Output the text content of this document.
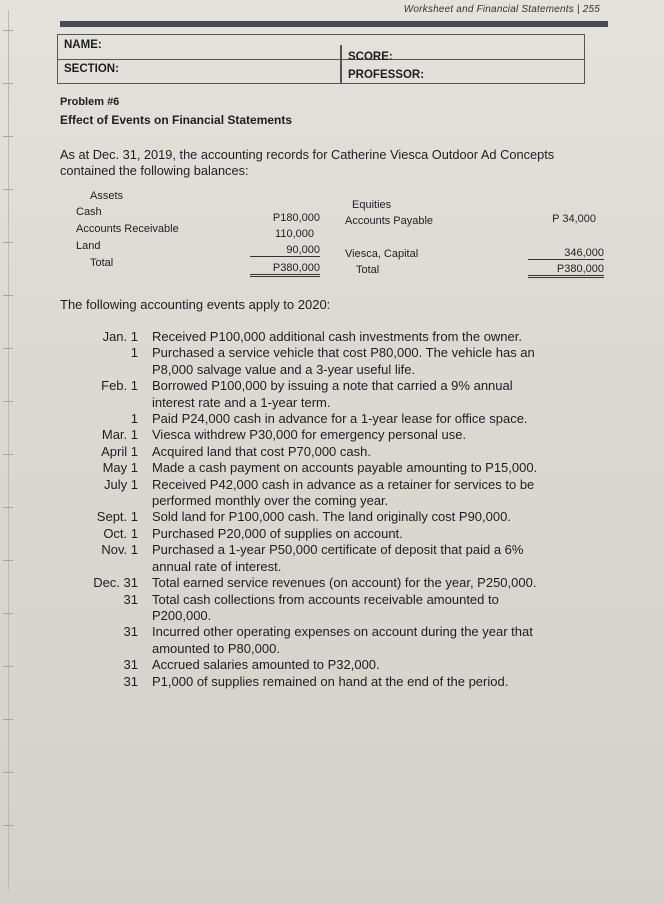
Worksheet and Financial Statements | 255
NAME:
SECTION:
SCORE:
PROFESSOR:
Problem #6
Effect of Events on Financial Statements
As at Dec. 31, 2019, the accounting records for Catherine Viesca Outdoor Ad Concepts
contained the following balances:
Assets
Cash	P180,000
Accounts Receivable	110,000
Land	90,000
Total	P380,000
Equities
Accounts Payable	P 34,000
Viesca, Capital	346,000
Total	P380,000
The following accounting events apply to 2020:
Jan. 1 Received P100,000 additional cash investments from the owner.
1 Purchased a service vehicle that cost P80,000. The vehicle has an
P8,000 salvage value and a 3-year useful life.
Feb. 1 Borrowed P100,000 by issuing a note that carried a 9% annual
interest rate and a 1-year term.
1 Paid P24,000 cash in advance for a 1-year lease for office space.
Mar. 1 Viesca withdrew P30,000 for emergency personal use.
April 1 Acquired land that cost P70,000 cash.
May 1 Made a cash payment on accounts payable amounting to P15,000.
July 1 Received P42,000 cash in advance as a retainer for services to be
performed monthly over the coming year.
Sept. 1 Sold land for P100,000 cash. The land originally cost P90,000.
Oct. 1 Purchased P20,000 of supplies on account.
Nov. 1 Purchased a 1-year P50,000 certificate of deposit that paid a 6%
annual rate of interest.
Dec. 31 Total earned service revenues (on account) for the year, P250,000.
31 Total cash collections from accounts receivable amounted to
P200,000.
31 Incurred other operating expenses on account during the year that
amounted to P80,000.
31 Accrued salaries amounted to P32,000.
31 P1,000 of supplies remained on hand at the end of the period.
